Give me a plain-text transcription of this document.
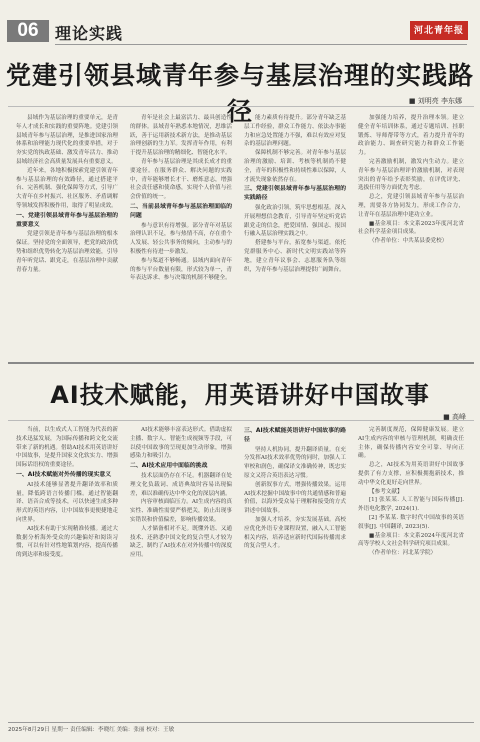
06	理论实践	河北青年报
党建引领县域青年参与基层治理的实践路径	■ 刘明亮 李东娜

县域作为基层治理的重要单元，是青年人才成长和实践的重要阵地。党建引领县域青年参与基层治理，是推进国家治理体系和治理能力现代化的重要举措，对于夯实党的执政基础、激发青年活力、推动县域经济社会高质量发展具有重要意义。

近年来，各地积极探索党建引领青年参与基层治理的有效路径，通过搭建平台、完善机制、强化保障等方式，引导广大青年在乡村振兴、社区服务、矛盾调解等领域发挥积极作用，取得了明显成效。

一、党建引领县域青年参与基层治理的重要意义

党建引领是青年参与基层治理的根本保证。坚持党的全面领导，把党的政治优势和组织优势转化为基层治理效能，引导青年听党话、跟党走，在基层治理中贡献青春力量。

青年是社会上最富活力、最具创造性的群体。县域青年熟悉本地情况，思维活跃，善于运用新技术新方法，是推动基层治理创新的生力军。发挥青年作用，有利于提升基层治理的精细化、智能化水平。

青年参与基层治理是其成长成才的重要途径。在服务群众、解决问题的实践中，青年能够增长才干、磨炼意志，增强社会责任感和使命感，实现个人价值与社会价值的统一。

二、当前县域青年参与基层治理面临的问题

参与意识有待增强。部分青年对基层治理认识不足，参与热情不高，存在重个人发展、轻公共事务的倾向，主动参与的积极性有待进一步激发。

参与渠道不够畅通。县域内面向青年的参与平台数量有限，形式较为单一，青年表达诉求、参与决策的机制不够健全。

能力素质有待提升。部分青年缺乏基层工作经验，群众工作能力、依法办事能力和应急处置能力不强，难以有效应对复杂的基层治理问题。

保障机制不够完善。对青年参与基层治理的激励、培训、考核等机制尚不健全，青年的积极性和持续性难以保障，人才流失现象依然存在。

三、党建引领县域青年参与基层治理的实践路径

强化政治引领，筑牢思想根基。深入开展理想信念教育，引导青年坚定听党话跟党走的信念，把爱国情、强国志、报国行融入基层治理实践之中。

搭建参与平台，拓宽参与渠道。依托党群服务中心、新时代文明实践站等阵地，建立青年议事会、志愿服务队等组织，为青年参与基层治理提供广阔舞台。

加强能力培养，提升治理本领。建立健全青年培训体系，通过专题培训、挂职锻炼、导师帮带等方式，着力提升青年的政治能力、调查研究能力和群众工作能力。

完善激励机制，激发内生动力。建立青年参与基层治理评价激励机制，对表现突出的青年给予表彰奖励，在评优评先、选拔任用等方面优先考虑。

总之，党建引领县域青年参与基层治理，需要各方协同发力，形成工作合力，让青年在基层治理中建功立业。

■基金项目：本文系2023年度河北省社会科学基金项目成果。

（作者单位：中共某县委党校）

AI技术赋能，用英语讲好中国故事
■ 高峰

当前，以生成式人工智能为代表的新技术迅猛发展，为国际传播和跨文化交流带来了新的机遇。借助AI技术用英语讲好中国故事，是提升国家文化软实力、增强国际话语权的重要途径。

一、AI技术赋能对外传播的现实意义

AI技术能够显著提升翻译效率和质量，降低跨语言传播门槛。通过智能翻译、语音合成等技术，可以快速生成多种形式的英语内容，让中国故事更便捷地走向世界。

AI技术有助于实现精准传播。通过大数据分析海外受众的兴趣偏好和阅读习惯，可以有针对性地策划内容，提高传播的到达率和接受度。

AI技术能够丰富表达形式。借助虚拟主播、数字人、智能生成视频等手段，可以使中国故事的呈现更加生动形象，增强感染力和吸引力。

二、AI技术应用中面临的挑战

技术层面仍存在不足。机器翻译在处理文化负载词、成语典故时容易出现偏差，难以准确传达中华文化的深层内涵。

内容审核面临压力。AI生成内容的真实性、准确性需要严格把关，防止出现事实错误和价值偏差，影响传播效果。

人才储备相对不足。既懂外语、又通技术、还熟悉中国文化的复合型人才较为缺乏，制约了AI技术在对外传播中的深度应用。

三、AI技术赋能英语讲好中国故事的路径

坚持人机协同，提升翻译质量。在充分发挥AI技术效率优势的同时，加强人工审校和润色，确保译文准确传神，既忠实原文又符合英语表达习惯。

创新叙事方式，增强传播效果。运用AI技术挖掘中国故事中的共通情感和普遍价值，以海外受众易于理解和接受的方式讲述中国故事。

加强人才培养，夯实发展基础。高校应优化外语专业课程设置，融入人工智能相关内容，培养适应新时代国际传播需求的复合型人才。

完善制度规范，保障健康发展。建立AI生成内容的审核与管理机制，明确责任主体，确保传播内容安全可靠、导向正确。

总之，AI技术为用英语讲好中国故事提供了有力支撑，应积极拥抱新技术，推动中华文化更好走向世界。

【参考文献】

[1] 张某某. 人工智能与国际传播[J]. 外语电化教学, 2024(1).

[2] 李某某. 数字时代中国故事的英语叙事[J]. 中国翻译, 2023(5).

■基金项目：本文系2024年度河北省高等学校人文社会科学研究项目成果。

（作者单位：河北某学院）

2025年8月29日 星期一 责任编辑：李晓红 美编：张丽 校对：王敏
